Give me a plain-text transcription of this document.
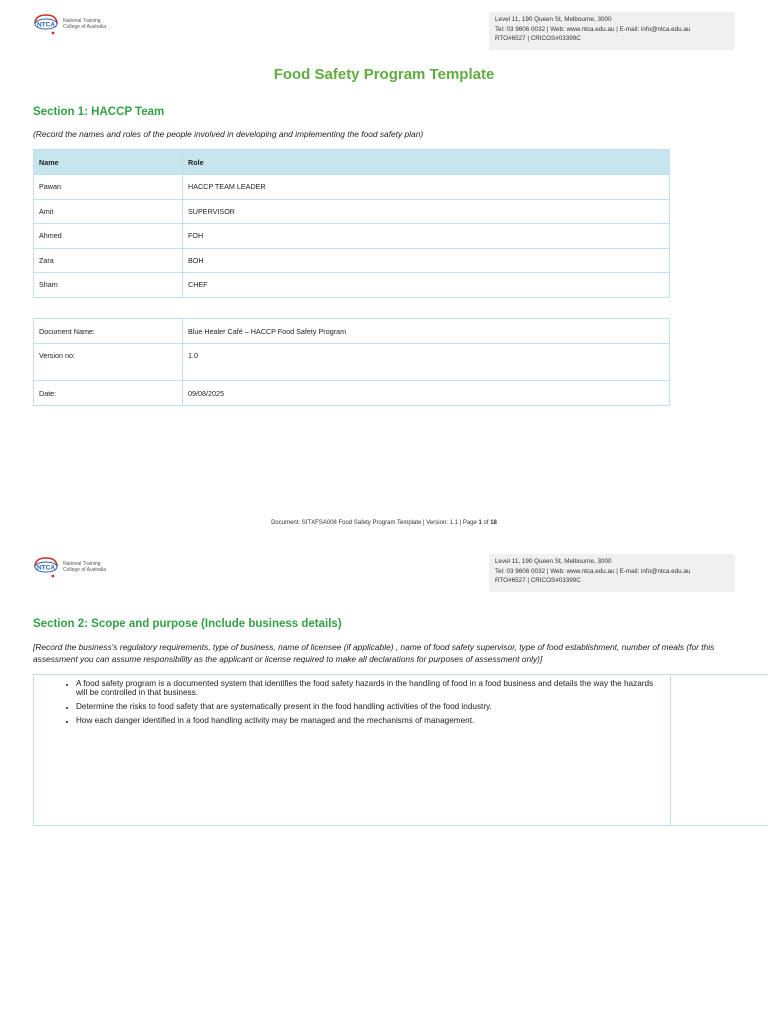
NTCA
National Training
College of Australia
Level 11, 190 Queen St, Melbourne, 3000
Tel: 03 9606 0032 | Web: www.ntca.edu.au | E-mail: info@ntca.edu.au
RTO#6527 | CRICOS#03399C
Food Safety Program Template
Section 1: HACCP Team
(Record the names and roles of the people involved in developing and implementing the food safety plan)
Name	Role
Pawan	HACCP TEAM LEADER
Amit	SUPERVISOR
Ahmed	FOH
Zara	BOH
Sham	CHEF
Document Name:	Blue Healer Café – HACCP Food Safety Program
Version no:	1.0
Date:	09/08/2025
Document: SITXFSA008 Food Safety Program Template | Version: 1.1 | Page 1 of 18
NTCA
National Training
College of Australia
Level 11, 190 Queen St, Melbourne, 3000
Tel: 03 9606 0032 | Web: www.ntca.edu.au | E-mail: info@ntca.edu.au
RTO#6527 | CRICOS#03399C
Section 2: Scope and purpose (Include business details)
[Record the business's regulatory requirements, type of business, name of licensee (if applicable) , name of food safety supervisor, type of food establishment, number of meals (for this assessment you can assume responsibility as the applicant or license required to make all declarations for purposes of assessment only)]
• A food safety program is a documented system that identifies the food safety hazards in the handling of food in a food business and details the way the hazards will be controlled in that business.
• Determine the risks to food safety that are systematically present in the food handling activities of the food industry.
• How each danger identified in a food handling activity may be managed and the mechanisms of management.
